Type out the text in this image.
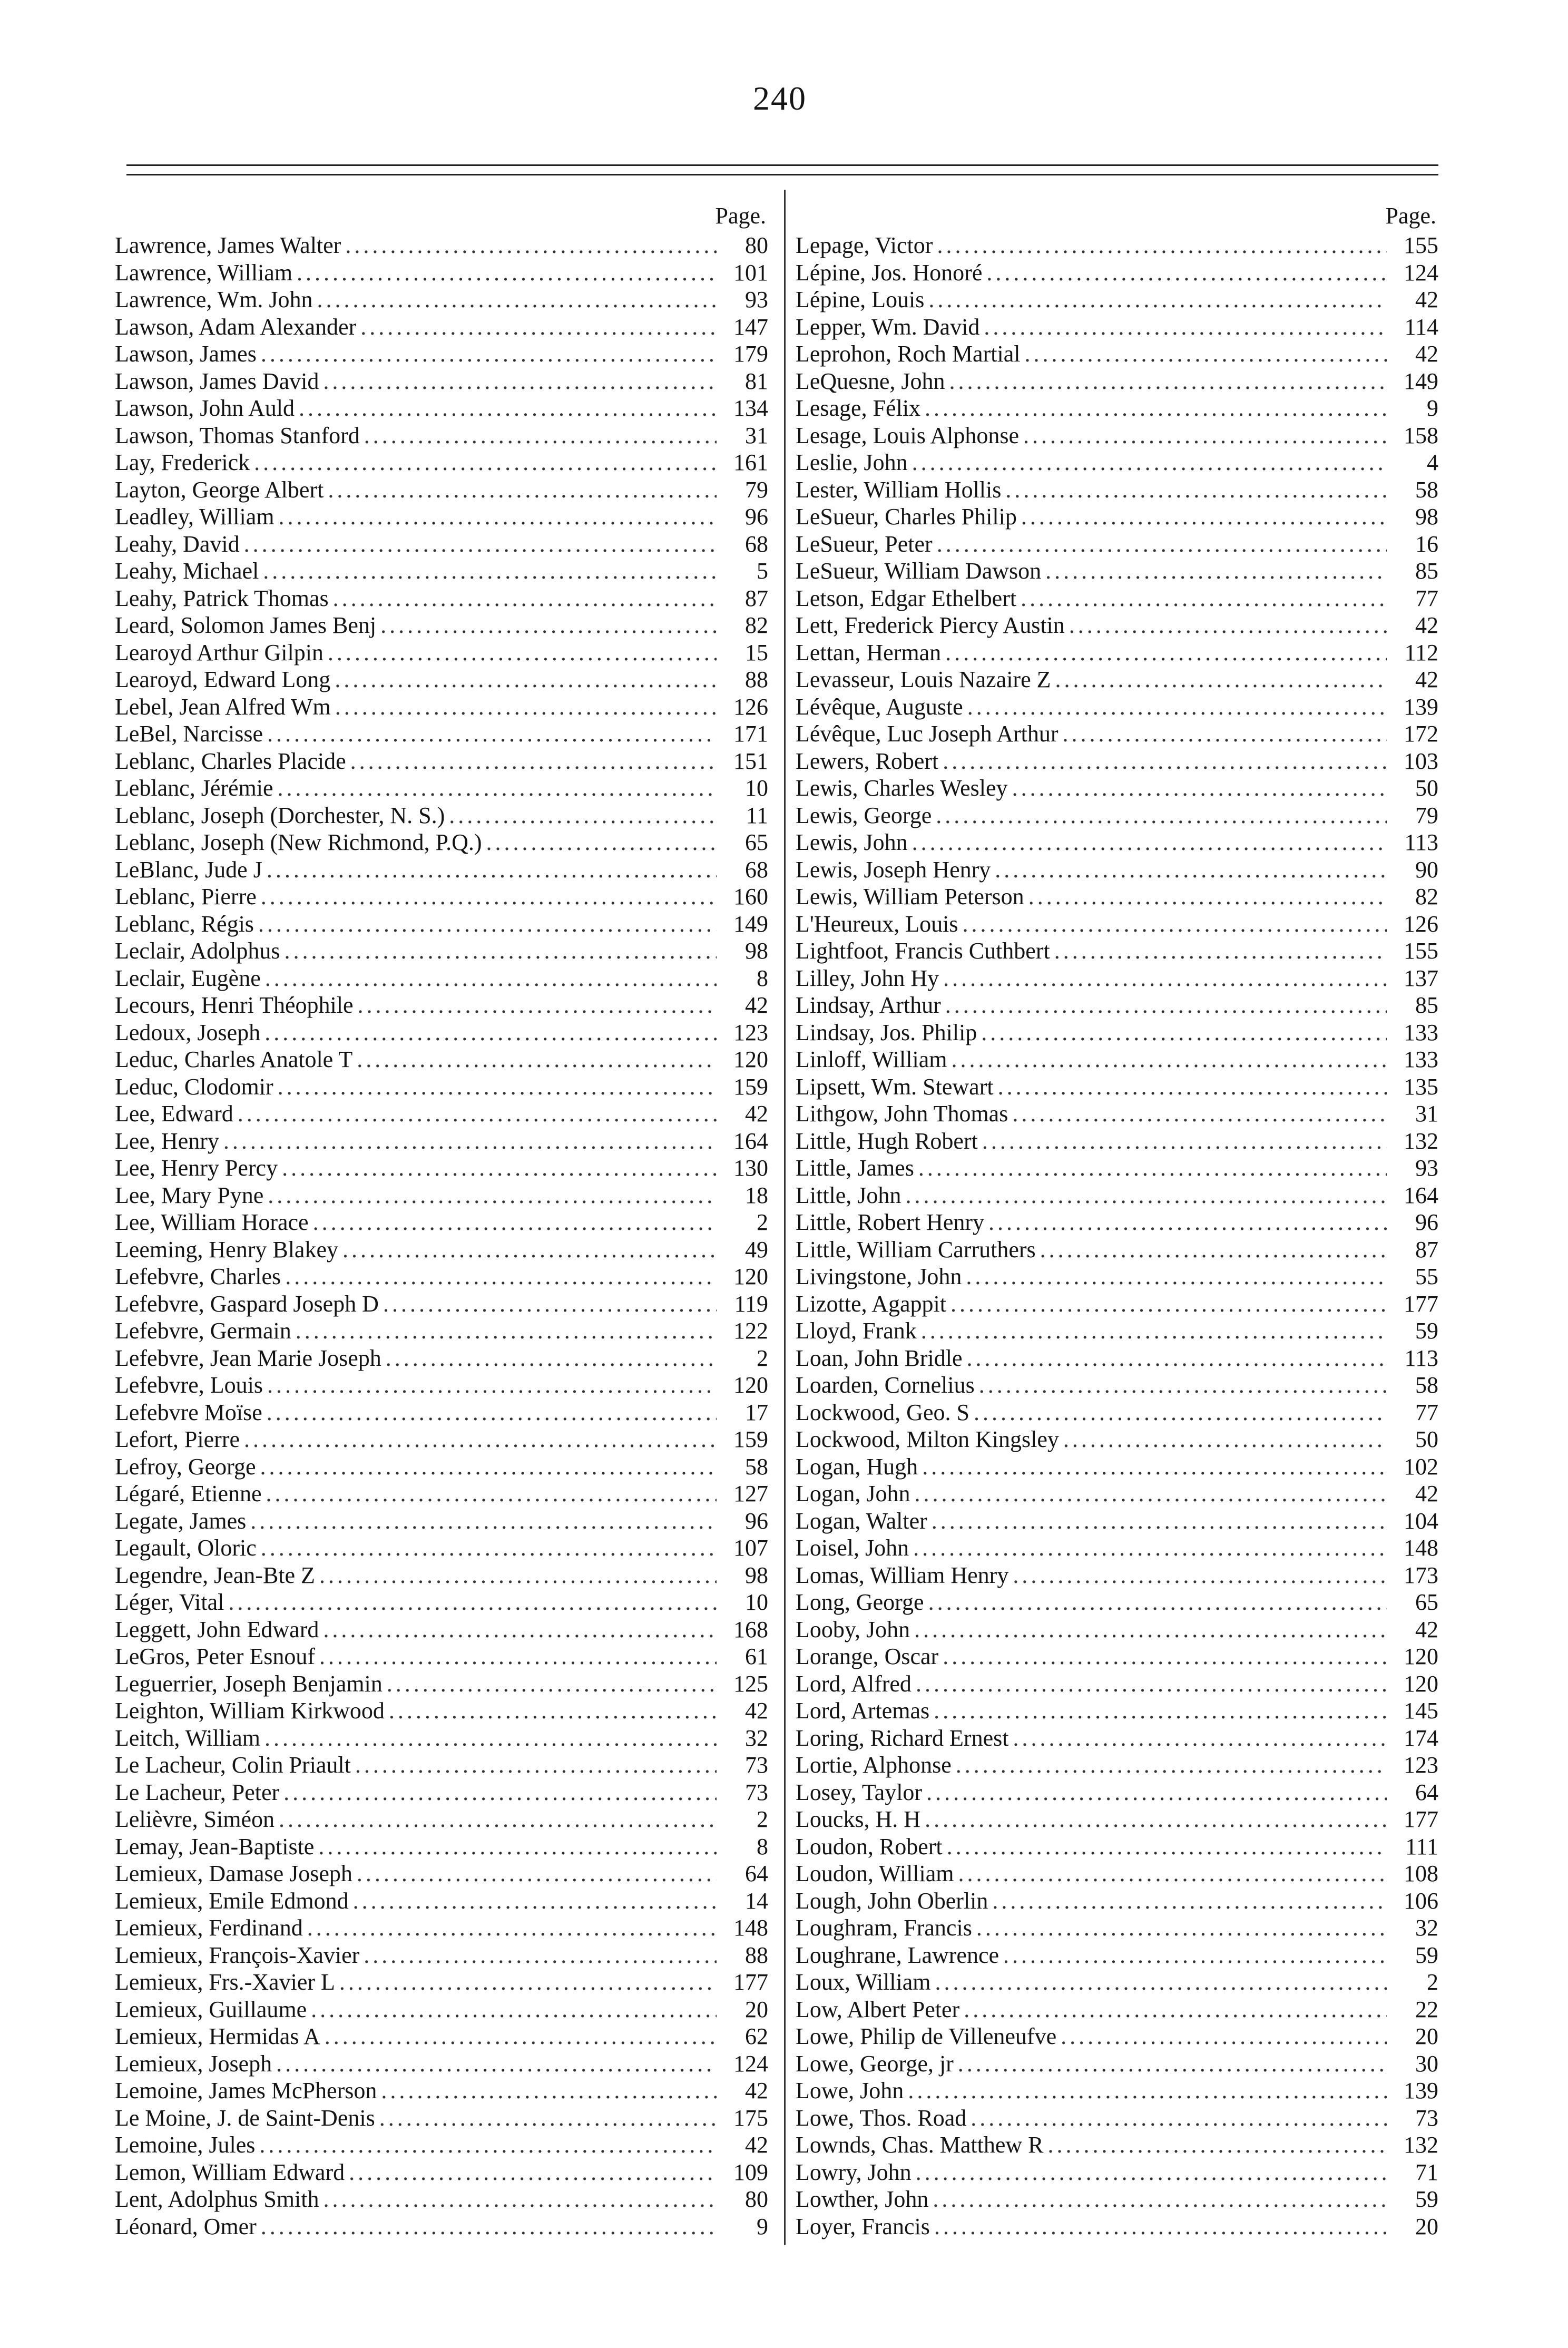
240
Page.
Lawrence, James Walter .....	80
Lawrence, William .....	101
Lawrence, Wm. John .....	93
Lawson, Adam Alexander .....	147
Lawson, James .....	179
Lawson, James David .....	81
Lawson, John Auld .....	134
Lawson, Thomas Stanford .....	31
Lay, Frederick .....	161
Layton, George Albert .....	79
Leadley, William .....	96
Leahy, David .....	68
Leahy, Michael .....	5
Leahy, Patrick Thomas .....	87
Leard, Solomon James Benj .....	82
Learoyd Arthur Gilpin .....	15
Learoyd, Edward Long .....	88
Lebel, Jean Alfred Wm .....	126
LeBel, Narcisse .....	171
Leblanc, Charles Placide .....	151
Leblanc, Jérémie .....	10
Leblanc, Joseph (Dorchester, N. S.) .....	11
Leblanc, Joseph (New Richmond, P.Q.) .....	65
LeBlanc, Jude J .....	68
Leblanc, Pierre .....	160
Leblanc, Régis .....	149
Leclair, Adolphus .....	98
Leclair, Eugène .....	8
Lecours, Henri Théophile .....	42
Ledoux, Joseph .....	123
Leduc, Charles Anatole T .....	120
Leduc, Clodomir .....	159
Lee, Edward .....	42
Lee, Henry .....	164
Lee, Henry Percy .....	130
Lee, Mary Pyne .....	18
Lee, William Horace .....	2
Leeming, Henry Blakey .....	49
Lefebvre, Charles .....	120
Lefebvre, Gaspard Joseph D .....	119
Lefebvre, Germain .....	122
Lefebvre, Jean Marie Joseph .....	2
Lefebvre, Louis .....	120
Lefebvre Moïse .....	17
Lefort, Pierre .....	159
Lefroy, George .....	58
Légaré, Etienne .....	127
Legate, James .....	96
Legault, Oloric .....	107
Legendre, Jean-Bte Z .....	98
Léger, Vital .....	10
Leggett, John Edward .....	168
LeGros, Peter Esnouf .....	61
Leguerrier, Joseph Benjamin .....	125
Leighton, William Kirkwood .....	42
Leitch, William .....	32
Le Lacheur, Colin Priault .....	73
Le Lacheur, Peter .....	73
Lelièvre, Siméon .....	2
Lemay, Jean-Baptiste .....	8
Lemieux, Damase Joseph .....	64
Lemieux, Emile Edmond .....	14
Lemieux, Ferdinand .....	148
Lemieux, François-Xavier .....	88
Lemieux, Frs.-Xavier L .....	177
Lemieux, Guillaume .....	20
Lemieux, Hermidas A .....	62
Lemieux, Joseph .....	124
Lemoine, James McPherson .....	42
Le Moine, J. de Saint-Denis .....	175
Lemoine, Jules .....	42
Lemon, William Edward .....	109
Lent, Adolphus Smith .....	80
Léonard, Omer .....	9
Page.
Lepage, Victor .....	155
Lépine, Jos. Honoré .....	124
Lépine, Louis .....	42
Lepper, Wm. David .....	114
Leprohon, Roch Martial .....	42
LeQuesne, John .....	149
Lesage, Félix .....	9
Lesage, Louis Alphonse .....	158
Leslie, John .....	4
Lester, William Hollis .....	58
LeSueur, Charles Philip .....	98
LeSueur, Peter .....	16
LeSueur, William Dawson .....	85
Letson, Edgar Ethelbert .....	77
Lett, Frederick Piercy Austin .....	42
Lettan, Herman .....	112
Levasseur, Louis Nazaire Z .....	42
Lévêque, Auguste .....	139
Lévêque, Luc Joseph Arthur .....	172
Lewers, Robert .....	103
Lewis, Charles Wesley .....	50
Lewis, George .....	79
Lewis, John .....	113
Lewis, Joseph Henry .....	90
Lewis, William Peterson .....	82
L'Heureux, Louis .....	126
Lightfoot, Francis Cuthbert .....	155
Lilley, John Hy .....	137
Lindsay, Arthur .....	85
Lindsay, Jos. Philip .....	133
Linloff, William .....	133
Lipsett, Wm. Stewart .....	135
Lithgow, John Thomas .....	31
Little, Hugh Robert .....	132
Little, James .....	93
Little, John .....	164
Little, Robert Henry .....	96
Little, William Carruthers .....	87
Livingstone, John .....	55
Lizotte, Agappit .....	177
Lloyd, Frank .....	59
Loan, John Bridle .....	113
Loarden, Cornelius .....	58
Lockwood, Geo. S .....	77
Lockwood, Milton Kingsley .....	50
Logan, Hugh .....	102
Logan, John .....	42
Logan, Walter .....	104
Loisel, John .....	148
Lomas, William Henry .....	173
Long, George .....	65
Looby, John .....	42
Lorange, Oscar .....	120
Lord, Alfred .....	120
Lord, Artemas .....	145
Loring, Richard Ernest .....	174
Lortie, Alphonse .....	123
Losey, Taylor .....	64
Loucks, H. H .....	177
Loudon, Robert .....	111
Loudon, William .....	108
Lough, John Oberlin .....	106
Loughram, Francis .....	32
Loughrane, Lawrence .....	59
Loux, William .....	2
Low, Albert Peter .....	22
Lowe, Philip de Villeneufve .....	20
Lowe, George, jr .....	30
Lowe, John .....	139
Lowe, Thos. Road .....	73
Lownds, Chas. Matthew R .....	132
Lowry, John .....	71
Lowther, John .....	59
Loyer, Francis .....	20
